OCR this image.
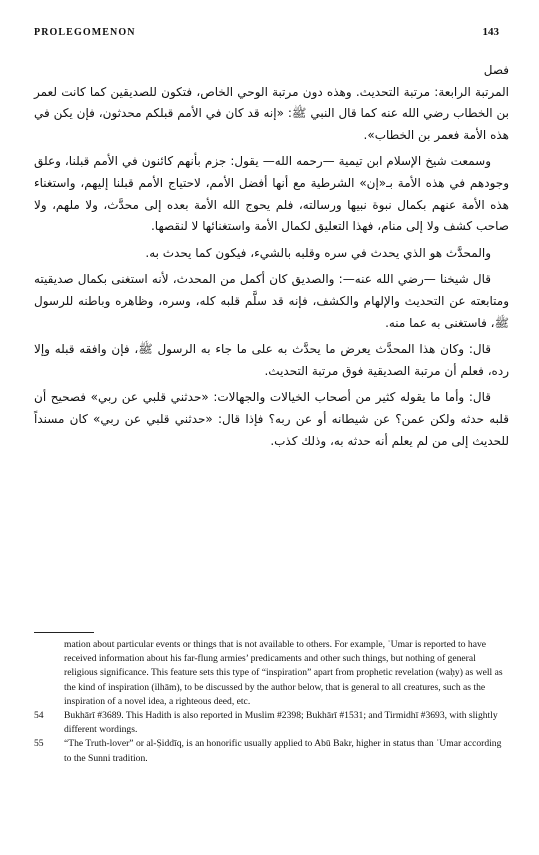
PROLEGOMENON	143

فصل

المرتبة الرابعة: مرتبة التحديث. وهذه دون مرتبة الوحي الخاص، فتكون للصديقين كما كانت لعمر بن الخطاب رضي الله عنه كما قال النبي ﷺ: «إنه قد كان في الأمم قبلكم محدثون، فإن يكن في هذه الأمة فعمر بن الخطاب».

وسمعت شيخ الإسلام ابن تيمية —رحمه الله— يقول: جزم بأنهم كائنون في الأمم قبلنا، وعلق وجودهم في هذه الأمة بـ«إن» الشرطية مع أنها أفضل الأمم، لاحتياج الأمم قبلنا إليهم، واستغناء هذه الأمة عنهم بكمال نبوة نبيها ورسالته، فلم يحوج الله الأمة بعده إلى محدَّث، ولا ملهم، ولا صاحب كشف ولا إلى منام، فهذا التعليق لكمال الأمة واستغنائها لا لنقصها.

والمحدَّث هو الذي يحدث في سره وقلبه بالشيء، فيكون كما يحدث به.

قال شيخنا —رضي الله عنه—: والصديق كان أكمل من المحدث، لأنه استغنى بكمال صديقيته ومتابعته عن التحديث والإلهام والكشف، فإنه قد سلَّم قلبه كله، وسره، وظاهره وباطنه للرسول ﷺ، فاستغنى به عما منه.

قال: وكان هذا المحدَّث يعرض ما يحدَّث به على ما جاء به الرسول ﷺ، فإن وافقه قبله وإلا رده، فعلم أن مرتبة الصديقية فوق مرتبة التحديث.

قال: وأما ما يقوله كثير من أصحاب الخيالات والجهالات: «حدثني قلبي عن ربي» فصحيح أن قلبه حدثه ولكن عمن؟ عن شيطانه أو عن ربه؟ فإذا قال: «حدثني قلبي عن ربي» كان مسنداً للحديث إلى من لم يعلم أنه حدثه به، وذلك كذب.

mation about particular events or things that is not available to others. For example, ʿUmar is reported to have received information about his far-flung armies’ predicaments and other such things, but nothing of general religious significance. This feature sets this type of “inspiration” apart from prophetic revelation (waḥy) as well as the kind of inspiration (ilhām), to be discussed by the author below, that is general to all creatures, such as the inspiration of a novel idea, a righteous deed, etc.
54	Bukhārī #3689. This Hadith is also reported in Muslim #2398; Bukhārī #1531; and Tirmidhī #3693, with slightly different wordings.
55	“The Truth-lover” or al-Ṣiddīq, is an honorific usually applied to Abū Bakr, higher in status than ʿUmar according to the Sunni tradition.
